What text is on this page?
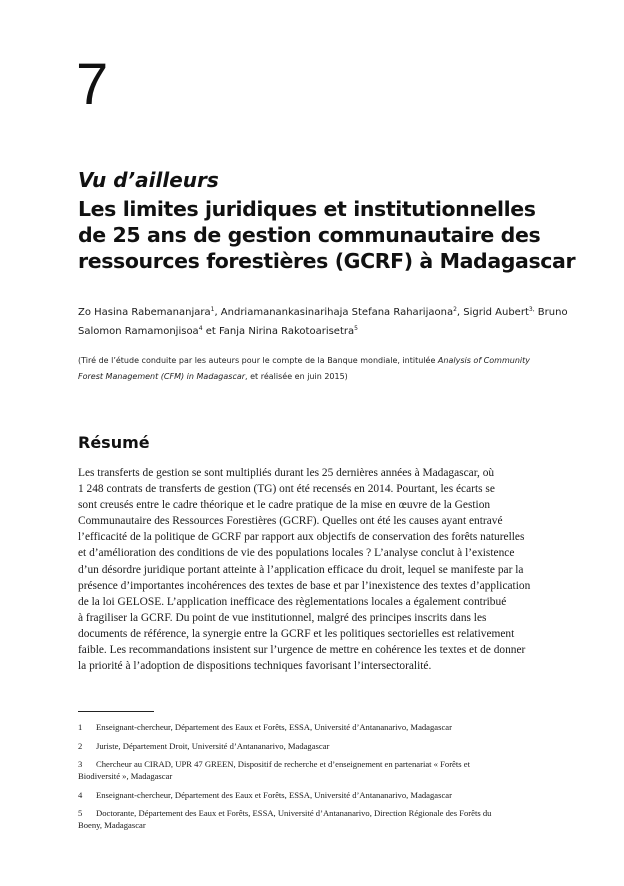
7
Vu d’ailleurs
Les limites juridiques et institutionnelles
de 25 ans de gestion communautaire des
ressources forestières (GCRF) à Madagascar
Zo Hasina Rabemananjara$^1$, Andriamanankasinarihaja Stefana Raharijaona$^2$, Sigrid Aubert$^{3,}$ Bruno Salomon Ramamonjisoa$^4$ et Fanja Nirina Rakotoarisetra$^5$
(Tiré de l’étude conduite par les auteurs pour le compte de la Banque mondiale, intitulée Analysis of Community
Forest Management (CFM) in Madagascar, et réalisée en juin 2015)
Résumé
Les transferts de gestion se sont multipliés durant les 25 dernières années à Madagascar, où
1 248 contrats de transferts de gestion (TG) ont été recensés en 2014. Pourtant, les écarts se
sont creusés entre le cadre théorique et le cadre pratique de la mise en œuvre de la Gestion
Communautaire des Ressources Forestières (GCRF). Quelles ont été les causes ayant entravé
l’efficacité de la politique de GCRF par rapport aux objectifs de conservation des forêts naturelles
et d’amélioration des conditions de vie des populations locales ? L’analyse conclut à l’existence
d’un désordre juridique portant atteinte à l’application efficace du droit, lequel se manifeste par la
présence d’importantes incohérences des textes de base et par l’inexistence des textes d’application
de la loi GELOSE. L’application inefficace des règlementations locales a également contribué
à fragiliser la GCRF. Du point de vue institutionnel, malgré des principes inscrits dans les
documents de référence, la synergie entre la GCRF et les politiques sectorielles est relativement
faible. Les recommandations insistent sur l’urgence de mettre en cohérence les textes et de donner
la priorité à l’adoption de dispositions techniques favorisant l’intersectoralité.
1 Enseignant-chercheur, Département des Eaux et Forêts, ESSA, Université d’Antananarivo, Madagascar
2 Juriste, Département Droit, Université d’Antananarivo, Madagascar
3 Chercheur au CIRAD, UPR 47 GREEN, Dispositif de recherche et d’enseignement en partenariat « Forêts et
Biodiversité », Madagascar
4 Enseignant-chercheur, Département des Eaux et Forêts, ESSA, Université d’Antananarivo, Madagascar
5 Doctorante, Département des Eaux et Forêts, ESSA, Université d’Antananarivo, Direction Régionale des Forêts du
Boeny, Madagascar
